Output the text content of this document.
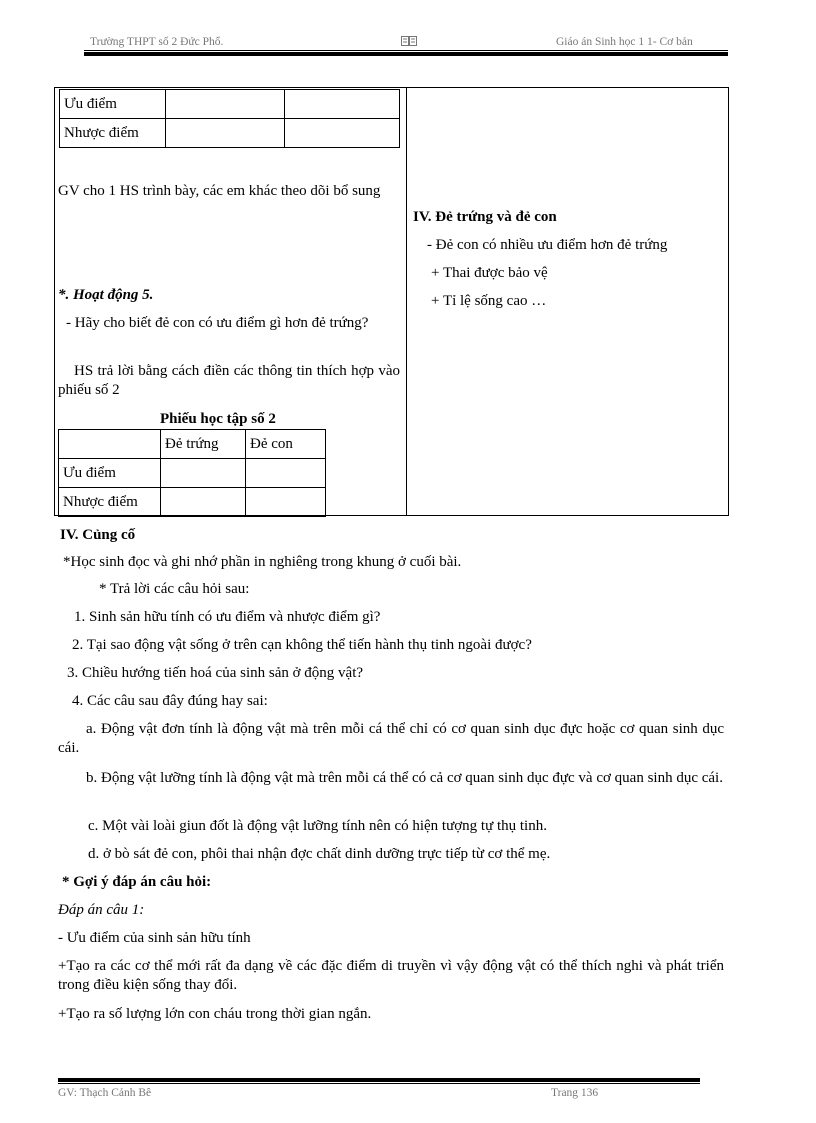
Trường THPT số 2 Đức Phổ.	Giáo án Sinh học 1 1- Cơ bản
Ưu điểm		
Nhược điểm		
GV cho 1 HS trình bày, các em khác theo dõi bổ sung
*. Hoạt động 5.
- Hãy cho biết đẻ con có ưu điểm gì hơn đẻ trứng?
HS trả lời bằng cách điền các thông tin thích hợp vào phiếu số 2
Phiếu học tập số 2
	Đẻ trứng	Đẻ con
Ưu điểm		
Nhược điểm		
IV. Đẻ trứng và đẻ con
- Đẻ con có nhiều ưu điểm hơn đẻ trứng
+ Thai được bảo vệ
+ Tỉ lệ sống cao …
IV. Củng cố
*Học sinh đọc và ghi nhớ phần in nghiêng trong khung ở cuối bài.
* Trả lời các câu hỏi sau:
1. Sinh sản hữu tính có ưu điểm và nhược điểm gì?
2. Tại sao động vật sống ở trên cạn không thể tiến hành thụ tinh ngoài được?
3. Chiều hướng tiến hoá của sinh sản ở động vật?
4. Các câu sau đây đúng hay sai:
a. Động vật đơn tính là động vật mà trên mỗi cá thể chỉ có cơ quan sinh dục đực hoặc cơ quan sinh dục cái.
b. Động vật lưỡng tính là động vật mà trên mỗi cá thể có cả cơ quan sinh dục đực và cơ quan sinh dục cái.
c. Một vài loài giun đốt là động vật lưỡng tính nên có hiện tượng tự thụ tinh.
d. ở bò sát đẻ con, phôi thai nhận đợc chất dinh dưỡng trực tiếp từ cơ thể mẹ.
* Gợi ý đáp án câu hỏi:
Đáp án câu 1:
- Ưu điểm của sinh sản hữu tính
+Tạo ra các cơ thể mới rất đa dạng về các đặc điểm di truyền vì vậy động vật có thể thích nghi và phát triển trong điều kiện sống thay đổi.
+Tạo ra số lượng lớn con cháu trong thời gian ngắn.
GV: Thạch Cảnh Bê	Trang 136
